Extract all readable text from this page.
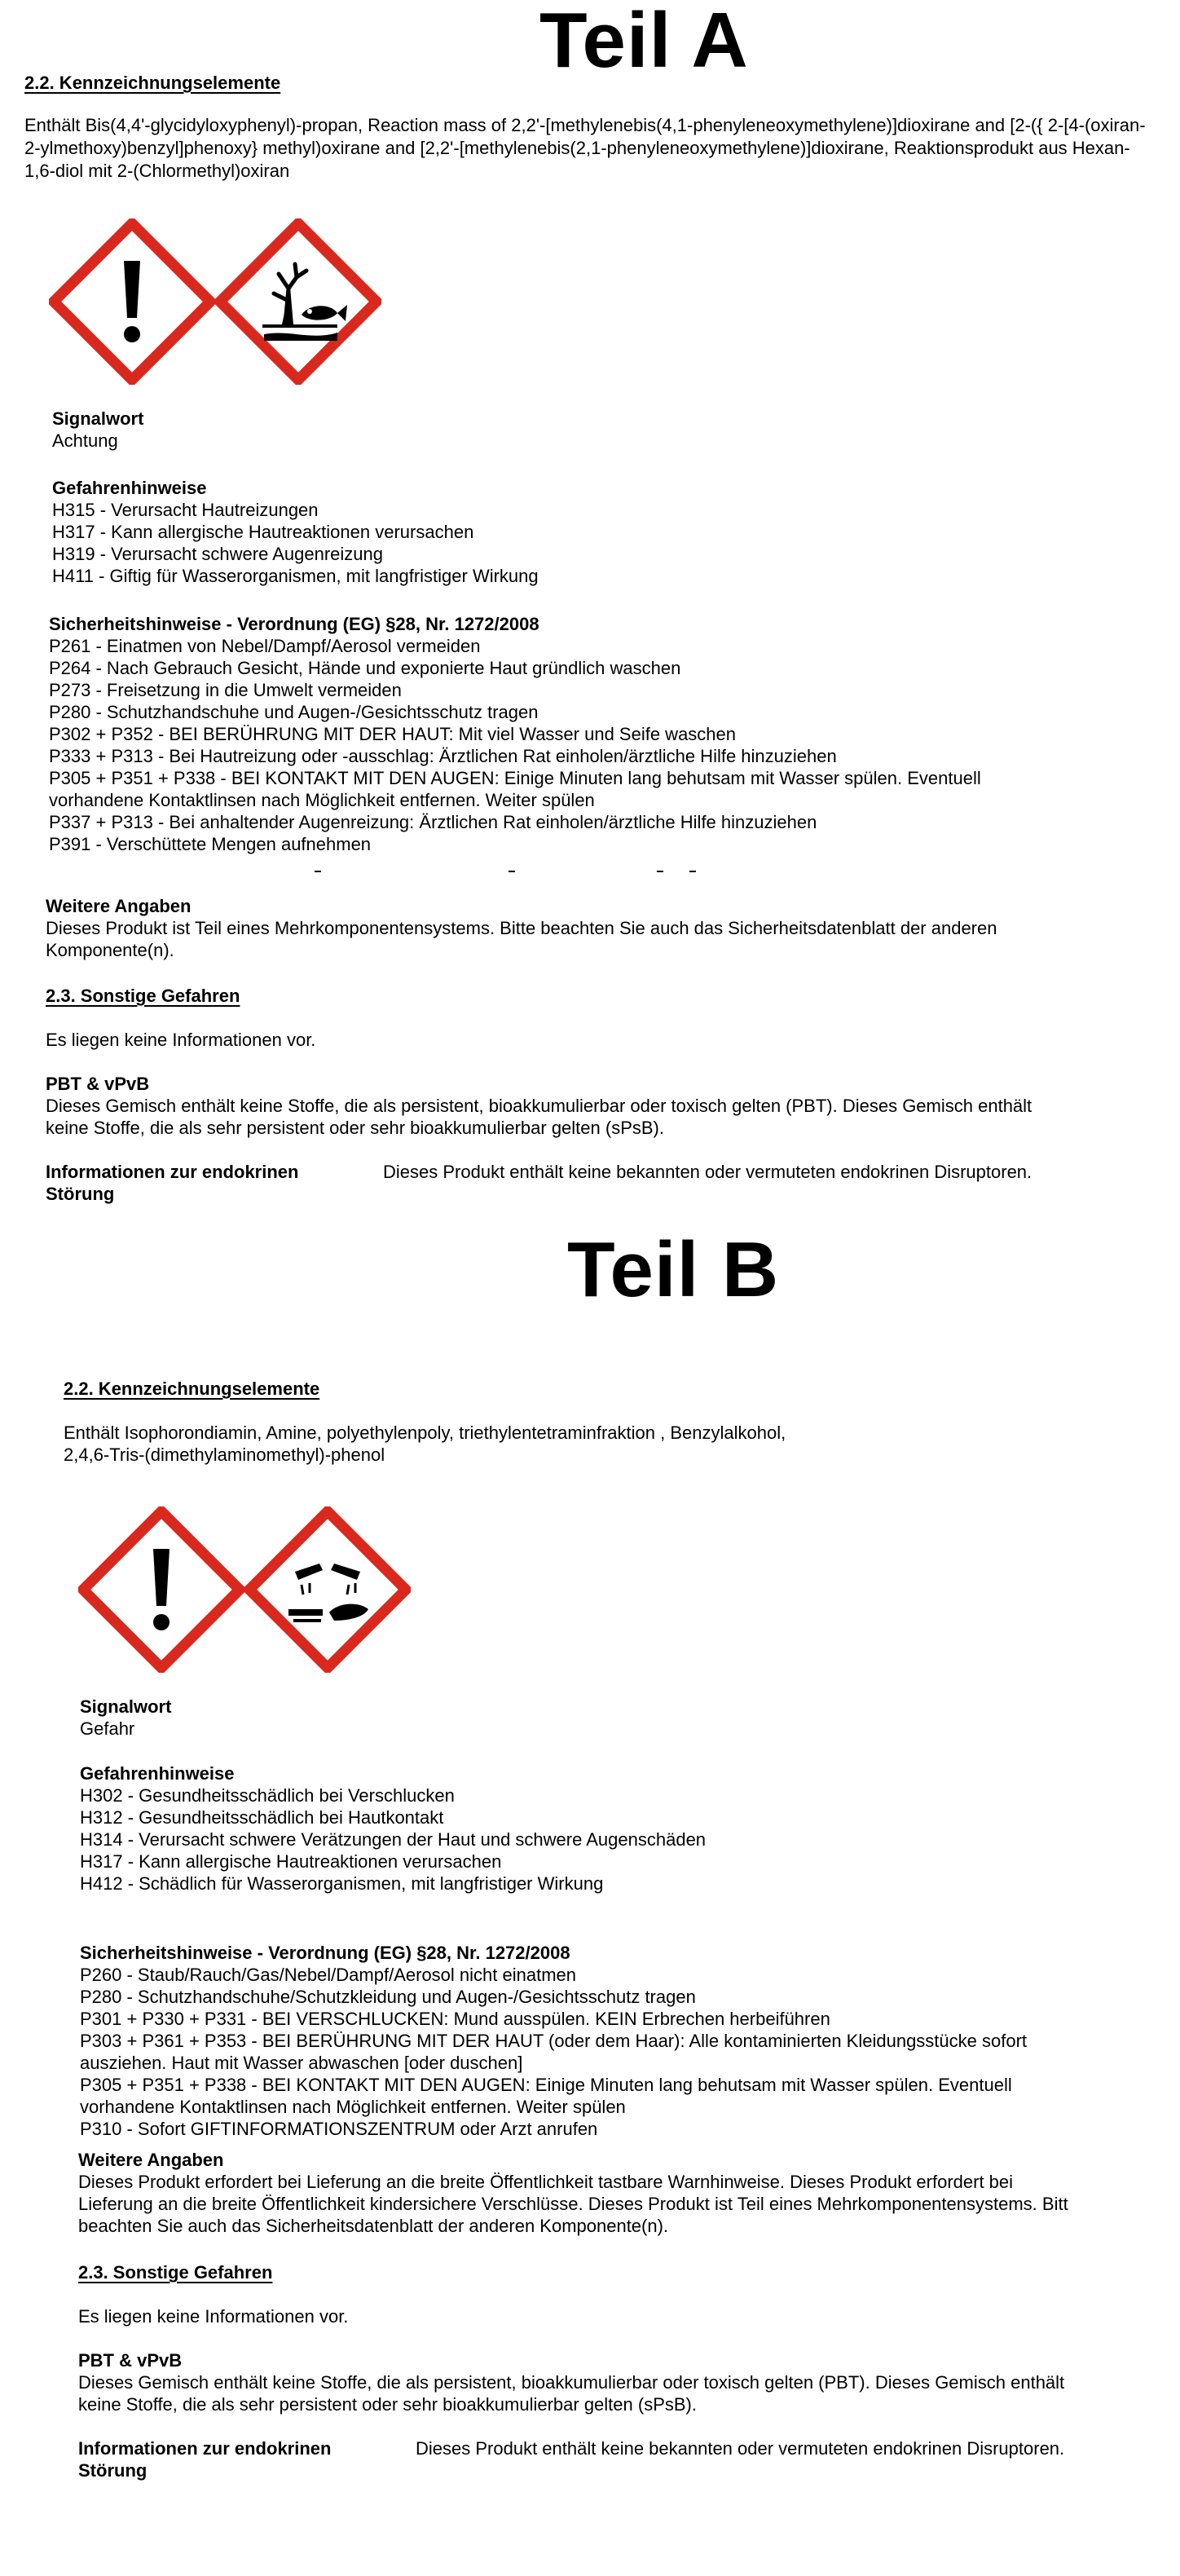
Teil A
2.2. Kennzeichnungselemente
Enthält Bis(4,4'-glycidyloxyphenyl)-propan, Reaction mass of 2,2'-[methylenebis(4,1-phenyleneoxymethylene)]dioxirane and [2-({ 2-[4-(oxiran-2-ylmethoxy)benzyl]phenoxy} methyl)oxirane and [2,2'-[methylenebis(2,1-phenyleneoxymethylene)]dioxirane, Reaktionsprodukt aus Hexan-1,6-diol mit 2-(Chlormethyl)oxiran
Signalwort
Achtung
Gefahrenhinweise
H315 - Verursacht Hautreizungen
H317 - Kann allergische Hautreaktionen verursachen
H319 - Verursacht schwere Augenreizung
H411 - Giftig für Wasserorganismen, mit langfristiger Wirkung
Sicherheitshinweise - Verordnung (EG) §28, Nr. 1272/2008
P261 - Einatmen von Nebel/Dampf/Aerosol vermeiden
P264 - Nach Gebrauch Gesicht, Hände und exponierte Haut gründlich waschen
P273 - Freisetzung in die Umwelt vermeiden
P280 - Schutzhandschuhe und Augen-/Gesichtsschutz tragen
P302 + P352 - BEI BERÜHRUNG MIT DER HAUT: Mit viel Wasser und Seife waschen
P333 + P313 - Bei Hautreizung oder -ausschlag: Ärztlichen Rat einholen/ärztliche Hilfe hinzuziehen
P305 + P351 + P338 - BEI KONTAKT MIT DEN AUGEN: Einige Minuten lang behutsam mit Wasser spülen. Eventuell
vorhandene Kontaktlinsen nach Möglichkeit entfernen. Weiter spülen
P337 + P313 - Bei anhaltender Augenreizung: Ärztlichen Rat einholen/ärztliche Hilfe hinzuziehen
P391 - Verschüttete Mengen aufnehmen
Weitere Angaben
Dieses Produkt ist Teil eines Mehrkomponentensystems. Bitte beachten Sie auch das Sicherheitsdatenblatt der anderen
Komponente(n).
2.3. Sonstige Gefahren
Es liegen keine Informationen vor.
PBT & vPvB
Dieses Gemisch enthält keine Stoffe, die als persistent, bioakkumulierbar oder toxisch gelten (PBT). Dieses Gemisch enthält
keine Stoffe, die als sehr persistent oder sehr bioakkumulierbar gelten (sPsB).
Informationen zur endokrinen
Störung
Dieses Produkt enthält keine bekannten oder vermuteten endokrinen Disruptoren.
Teil B
2.2. Kennzeichnungselemente
Enthält Isophorondiamin, Amine, polyethylenpoly, triethylentetraminfraktion , Benzylalkohol,
2,4,6-Tris-(dimethylaminomethyl)-phenol
Signalwort
Gefahr
Gefahrenhinweise
H302 - Gesundheitsschädlich bei Verschlucken
H312 - Gesundheitsschädlich bei Hautkontakt
H314 - Verursacht schwere Verätzungen der Haut und schwere Augenschäden
H317 - Kann allergische Hautreaktionen verursachen
H412 - Schädlich für Wasserorganismen, mit langfristiger Wirkung
Sicherheitshinweise - Verordnung (EG) §28, Nr. 1272/2008
P260 - Staub/Rauch/Gas/Nebel/Dampf/Aerosol nicht einatmen
P280 - Schutzhandschuhe/Schutzkleidung und Augen-/Gesichtsschutz tragen
P301 + P330 + P331 - BEI VERSCHLUCKEN: Mund ausspülen. KEIN Erbrechen herbeiführen
P303 + P361 + P353 - BEI BERÜHRUNG MIT DER HAUT (oder dem Haar): Alle kontaminierten Kleidungsstücke sofort
ausziehen. Haut mit Wasser abwaschen [oder duschen]
P305 + P351 + P338 - BEI KONTAKT MIT DEN AUGEN: Einige Minuten lang behutsam mit Wasser spülen. Eventuell
vorhandene Kontaktlinsen nach Möglichkeit entfernen. Weiter spülen
P310 - Sofort GIFTINFORMATIONSZENTRUM oder Arzt anrufen
Weitere Angaben
Dieses Produkt erfordert bei Lieferung an die breite Öffentlichkeit tastbare Warnhinweise. Dieses Produkt erfordert bei
Lieferung an die breite Öffentlichkeit kindersichere Verschlüsse. Dieses Produkt ist Teil eines Mehrkomponentensystems. Bitt
beachten Sie auch das Sicherheitsdatenblatt der anderen Komponente(n).
2.3. Sonstige Gefahren
Es liegen keine Informationen vor.
PBT & vPvB
Dieses Gemisch enthält keine Stoffe, die als persistent, bioakkumulierbar oder toxisch gelten (PBT). Dieses Gemisch enthält
keine Stoffe, die als sehr persistent oder sehr bioakkumulierbar gelten (sPsB).
Informationen zur endokrinen
Störung
Dieses Produkt enthält keine bekannten oder vermuteten endokrinen Disruptoren.
